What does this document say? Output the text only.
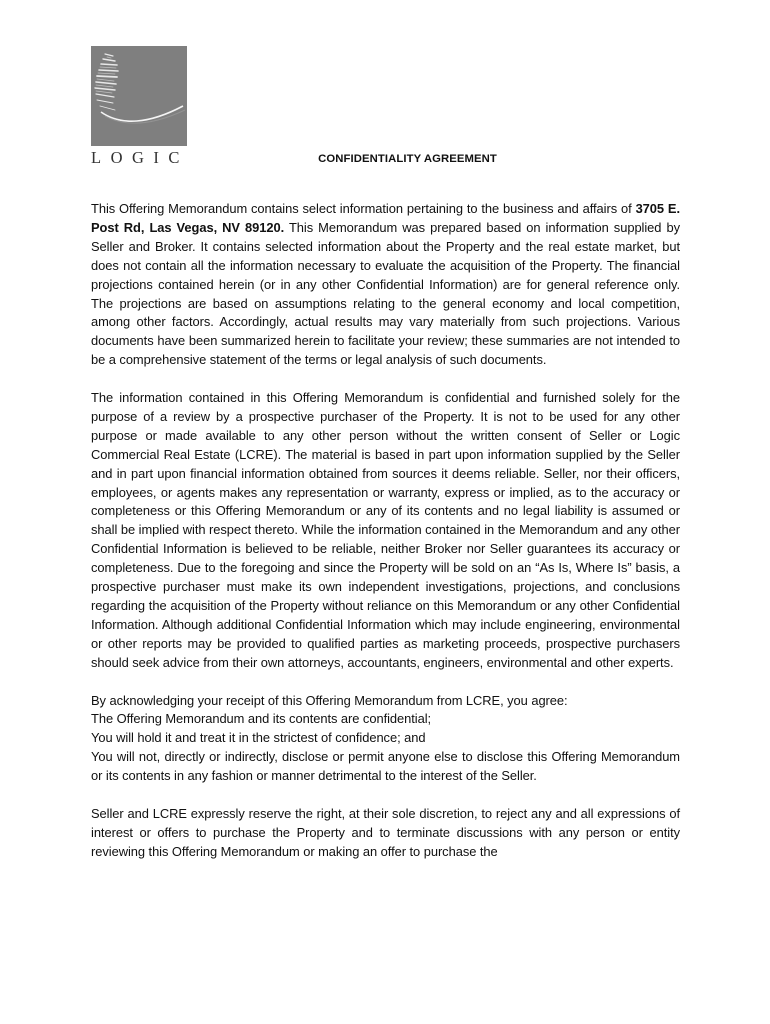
LOGIC	CONFIDENTIALITY AGREEMENT

This Offering Memorandum contains select information pertaining to the business and affairs of 3705 E. Post Rd, Las Vegas, NV 89120. This Memorandum was prepared based on information supplied by Seller and Broker. It contains selected information about the Property and the real estate market, but does not contain all the information necessary to evaluate the acquisition of the Property. The financial projections contained herein (or in any other Confidential Information) are for general reference only. The projections are based on assumptions relating to the general economy and local competition, among other factors. Accordingly, actual results may vary materially from such projections. Various documents have been summarized herein to facilitate your review; these summaries are not intended to be a comprehensive statement of the terms or legal analysis of such documents.

The information contained in this Offering Memorandum is confidential and furnished solely for the purpose of a review by a prospective purchaser of the Property. It is not to be used for any other purpose or made available to any other person without the written consent of Seller or Logic Commercial Real Estate (LCRE). The material is based in part upon information supplied by the Seller and in part upon financial information obtained from sources it deems reliable. Seller, nor their officers, employees, or agents makes any representation or warranty, express or implied, as to the accuracy or completeness or this Offering Memorandum or any of its contents and no legal liability is assumed or shall be implied with respect thereto. While the information contained in the Memorandum and any other Confidential Information is believed to be reliable, neither Broker nor Seller guarantees its accuracy or completeness. Due to the foregoing and since the Property will be sold on an “As Is, Where Is” basis, a prospective purchaser must make its own independent investigations, projections, and conclusions regarding the acquisition of the Property without reliance on this Memorandum or any other Confidential Information. Although additional Confidential Information which may include engineering, environmental or other reports may be provided to qualified parties as marketing proceeds, prospective purchasers should seek advice from their own attorneys, accountants, engineers, environmental and other experts.

By acknowledging your receipt of this Offering Memorandum from LCRE, you agree:
The Offering Memorandum and its contents are confidential;
You will hold it and treat it in the strictest of confidence; and
You will not, directly or indirectly, disclose or permit anyone else to disclose this Offering Memorandum or its contents in any fashion or manner detrimental to the interest of the Seller.

Seller and LCRE expressly reserve the right, at their sole discretion, to reject any and all expressions of interest or offers to purchase the Property and to terminate discussions with any person or entity reviewing this Offering Memorandum or making an offer to purchase the
